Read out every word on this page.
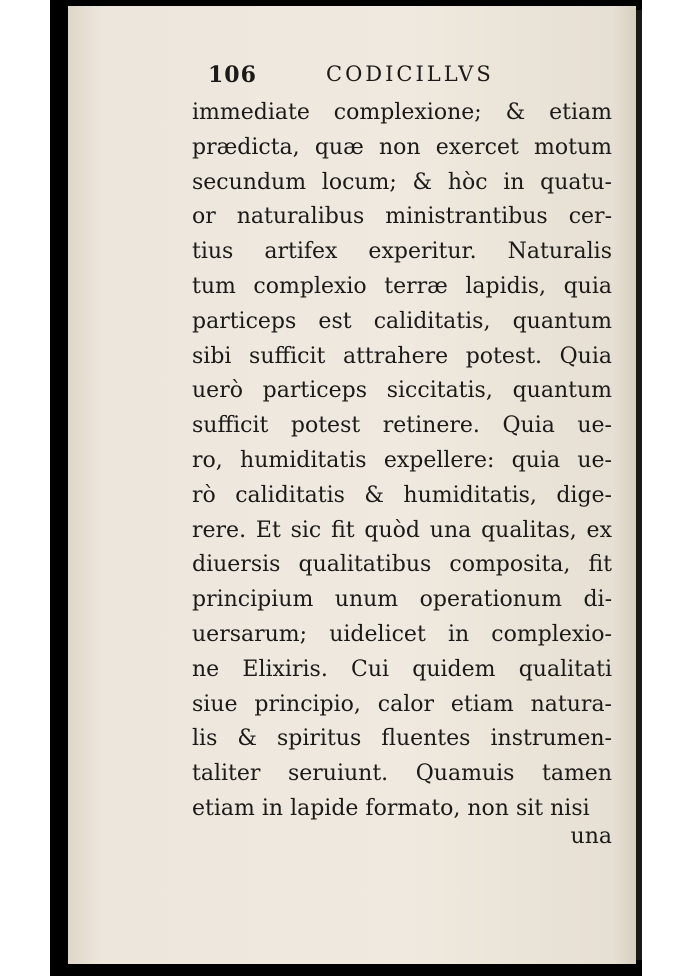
106	CODICILLVS
immediate complexione; & etiam
prædicta, quæ non exercet motum
secundum locum; & hòc in quatu-
or naturalibus ministrantibus cer-
tius artifex experitur. Naturalis
tum complexio terræ lapidis, quia
particeps est caliditatis, quantum
sibi sufficit attrahere potest. Quia
uerò particeps siccitatis, quantum
sufficit potest retinere. Quia ue-
ro, humiditatis expellere: quia ue-
rò caliditatis & humiditatis, dige-
rere. Et sic fit quòd una qualitas, ex
diuersis qualitatibus composita, fit
principium unum operationum di-
uersarum; uidelicet in complexio-
ne Elixiris. Cui quidem qualitati
siue principio, calor etiam natura-
lis & spiritus fluentes instrumen-
taliter seruiunt. Quamuis tamen
etiam in lapide formato, non sit nisi
una
